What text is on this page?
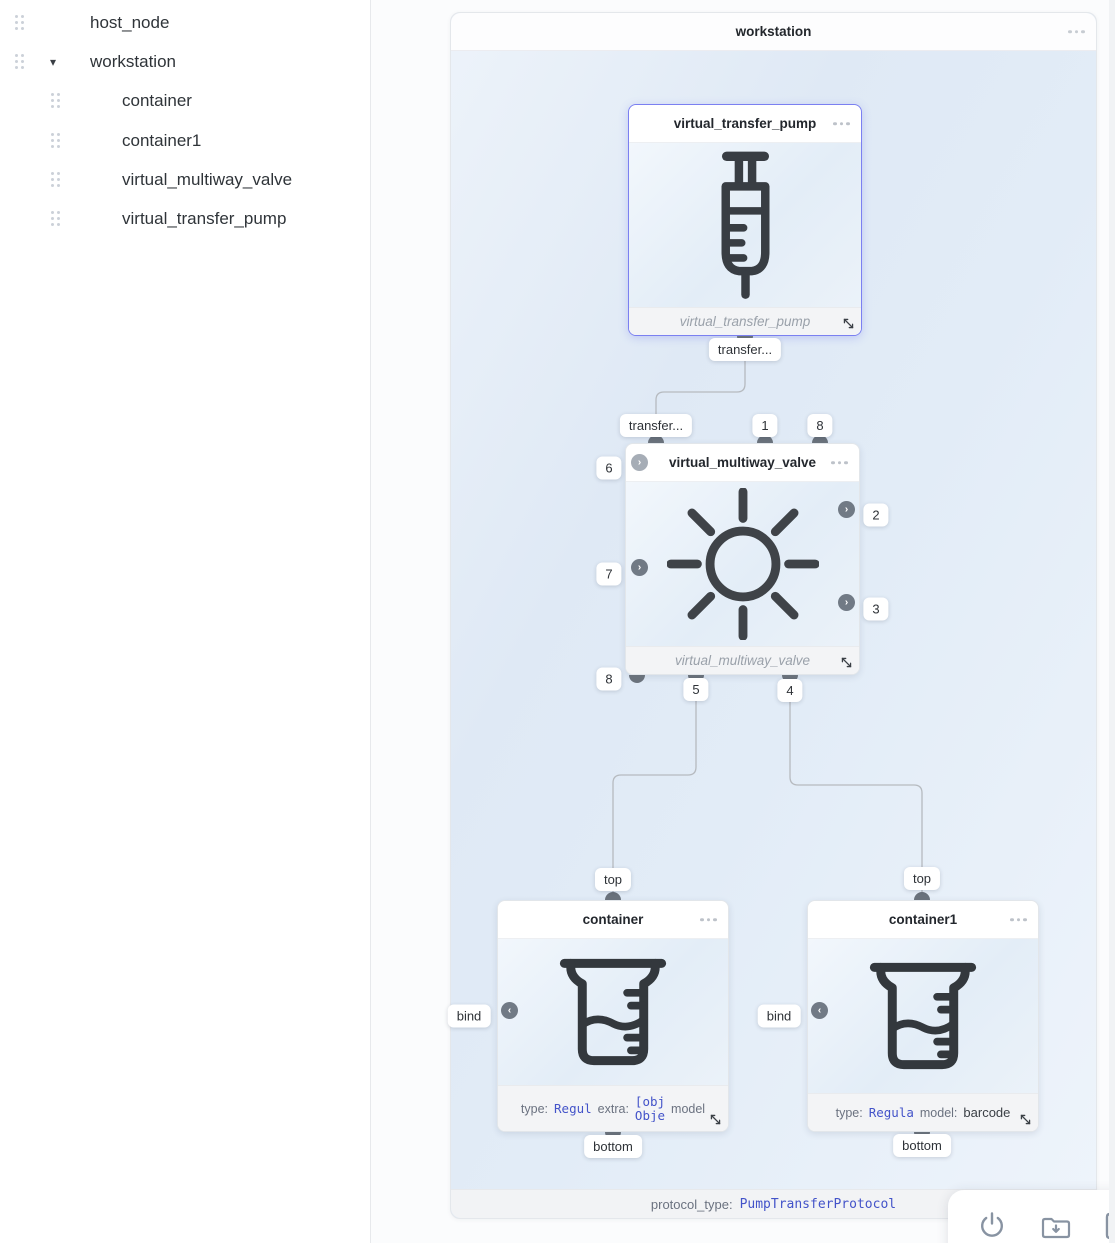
host_node
▾ workstation
container
container1
virtual_multiway_valve
virtual_transfer_pump
workstation
protocol_type: PumpTransferProtocol
virtual_transfer_pump
virtual_transfer_pump
transfer...
virtual_multiway_valve
virtual_multiway_valve
transfer...	1	8
›
6
›
7
8
›	2
›	3
5	4
container
type: Regul extra: [obj
Obje model
top
‹
bind
bottom
container1
type: Regula model: barcode
top
‹
bind
bottom
